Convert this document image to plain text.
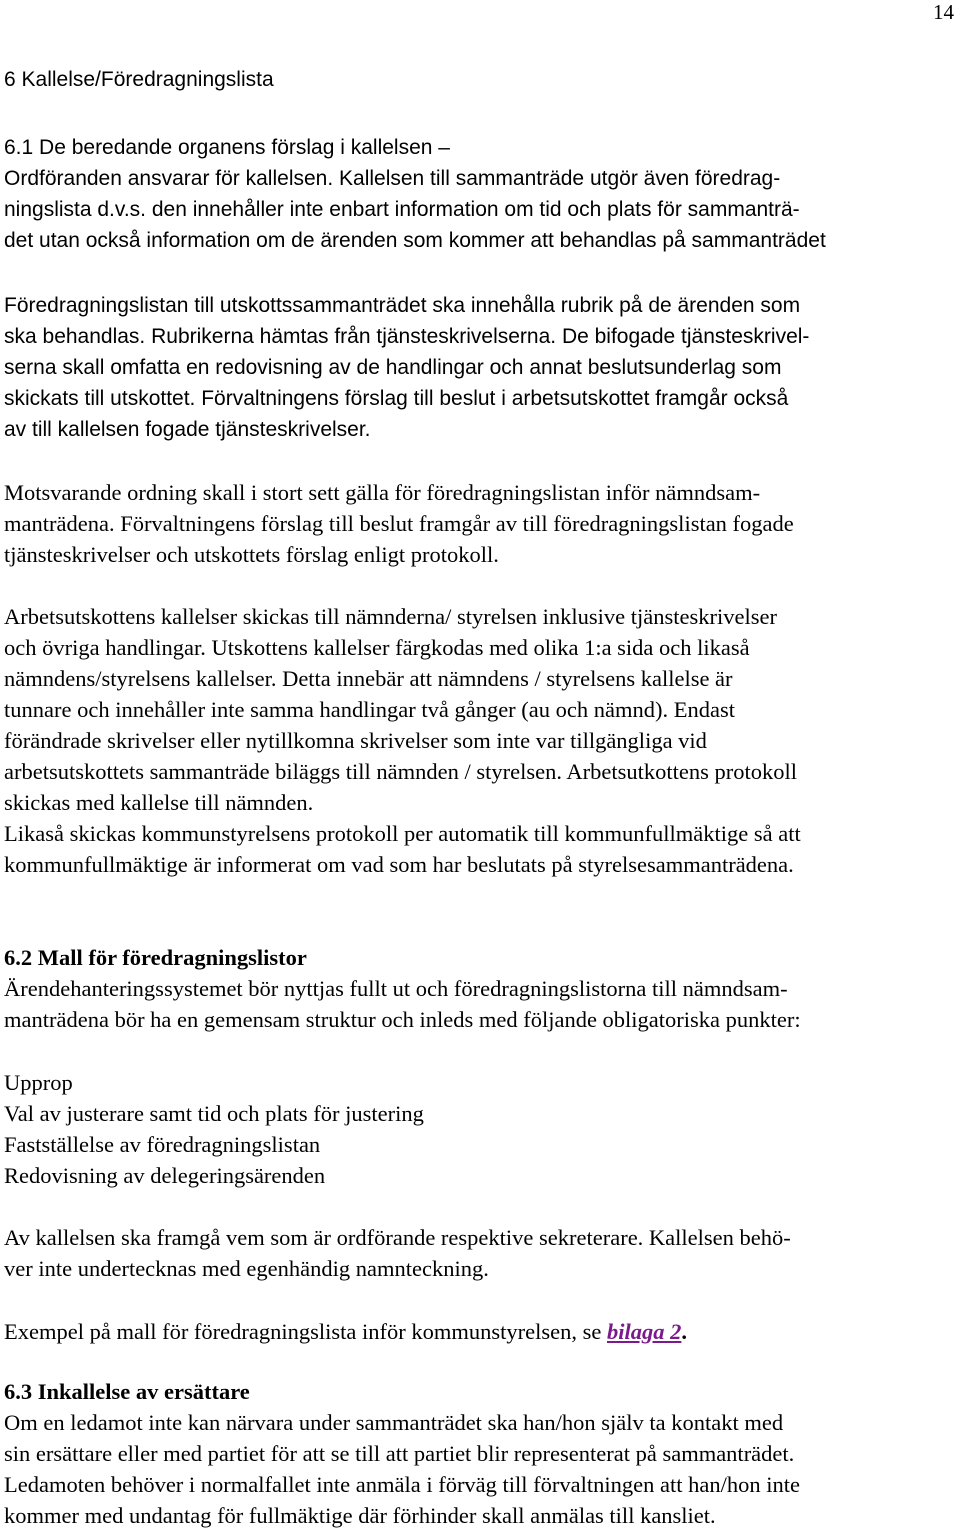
14
6 Kallelse/Föredragningslista
6.1 De beredande organens förslag i kallelsen –
Ordföranden ansvarar för kallelsen. Kallelsen till sammanträde utgör även föredrag-
ningslista d.v.s. den innehåller inte enbart information om tid och plats för sammanträ-
det utan också information om de ärenden som kommer att behandlas på sammanträdet
Föredragningslistan till utskottssammanträdet ska innehålla rubrik på de ärenden som
ska behandlas. Rubrikerna hämtas från tjänsteskrivelserna. De bifogade tjänsteskrivel-
serna skall omfatta en redovisning av de handlingar och annat beslutsunderlag som
skickats till utskottet. Förvaltningens förslag till beslut i arbetsutskottet framgår också
av till kallelsen fogade tjänsteskrivelser.
Motsvarande ordning skall i stort sett gälla för föredragningslistan inför nämndsam-
manträdena. Förvaltningens förslag till beslut framgår av till föredragningslistan fogade
tjänsteskrivelser och utskottets förslag enligt protokoll.
Arbetsutskottens kallelser skickas till nämnderna/ styrelsen inklusive tjänsteskrivelser
och övriga handlingar. Utskottens kallelser färgkodas med olika 1:a sida och likaså
nämndens/styrelsens kallelser. Detta innebär att nämndens / styrelsens kallelse är
tunnare och innehåller inte samma handlingar två gånger (au och nämnd). Endast
förändrade skrivelser eller nytillkomna skrivelser som inte var tillgängliga vid
arbetsutskottets sammanträde biläggs till nämnden / styrelsen. Arbetsutkottens protokoll
skickas med kallelse till nämnden.
Likaså skickas kommunstyrelsens protokoll per automatik till kommunfullmäktige så att
kommunfullmäktige är informerat om vad som har beslutats på styrelsesammanträdena.
6.2 Mall för föredragningslistor
Ärendehanteringssystemet bör nyttjas fullt ut och föredragningslistorna till nämndsam-
manträdena bör ha en gemensam struktur och inleds med följande obligatoriska punkter:
Upprop
Val av justerare samt tid och plats för justering
Fastställelse av föredragningslistan
Redovisning av delegeringsärenden
Av kallelsen ska framgå vem som är ordförande respektive sekreterare. Kallelsen behö-
ver inte undertecknas med egenhändig namnteckning.
Exempel på mall för föredragningslista inför kommunstyrelsen, se bilaga 2.
6.3 Inkallelse av ersättare
Om en ledamot inte kan närvara under sammanträdet ska han/hon själv ta kontakt med
sin ersättare eller med partiet för att se till att partiet blir representerat på sammanträdet.
Ledamoten behöver i normalfallet inte anmäla i förväg till förvaltningen att han/hon inte
kommer med undantag för fullmäktige där förhinder skall anmälas till kansliet.
